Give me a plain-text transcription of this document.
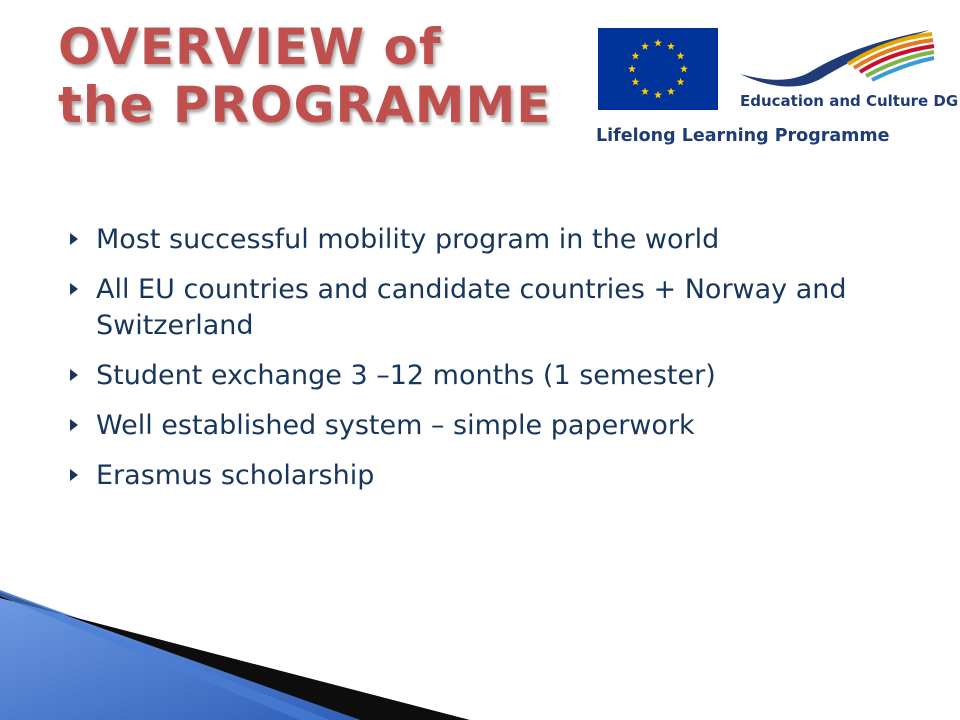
OVERVIEW of
the PROGRAMME	Education and Culture DG
Lifelong Learning Programme
Most successful mobility program in the world
All EU countries and candidate countries + Norway and Switzerland
Student exchange 3 –12 months (1 semester)
Well established system – simple paperwork
Erasmus scholarship
